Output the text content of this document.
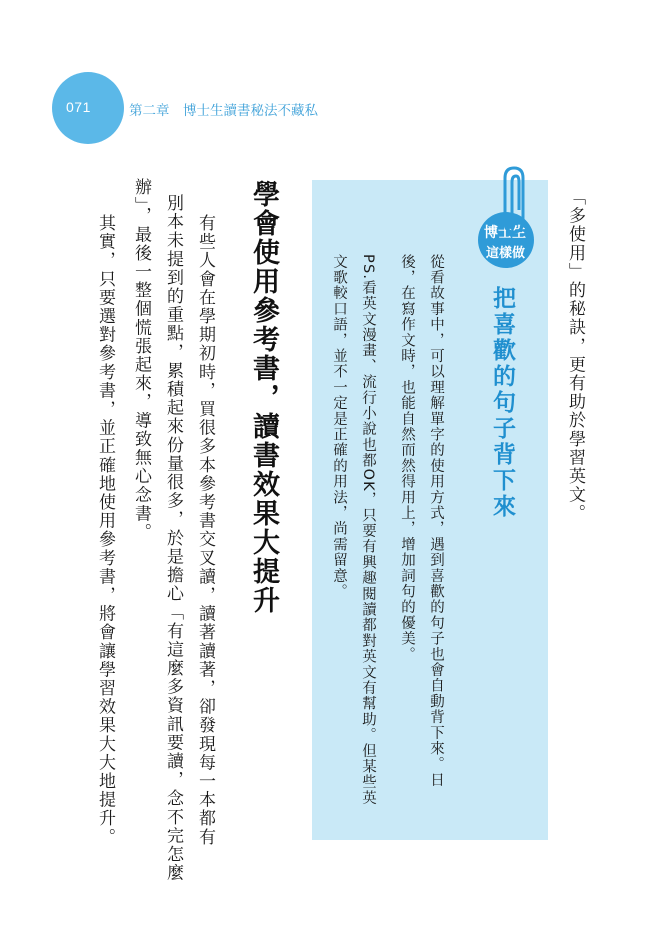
071	第二章　博士生讀書秘法不藏私
「多使用」的秘訣，更有助於學習英文。
博士生
這樣做
把喜歡的句子背下來
從看故事中，可以理解單字的使用方式，遇到喜歡的句子也會自動背下來。日
後，在寫作文時，也能自然而然得用上，增加詞句的優美。
PS.看英文漫畫、流行小說也都OK，只要有興趣閱讀都對英文有幫助。但某些英
文歌較口語，並不一定是正確的用法，尚需留意。
學會使用參考書，讀書效果大提升
有些人會在學期初時，買很多本參考書交叉讀，讀著讀著，卻發現每一本都有
別本未提到的重點，累積起來份量很多，於是擔心「有這麼多資訊要讀，念不完怎麼
辦」，最後一整個慌張起來，導致無心念書。
其實，只要選對參考書，並正確地使用參考書，將會讓學習效果大大地提升。
